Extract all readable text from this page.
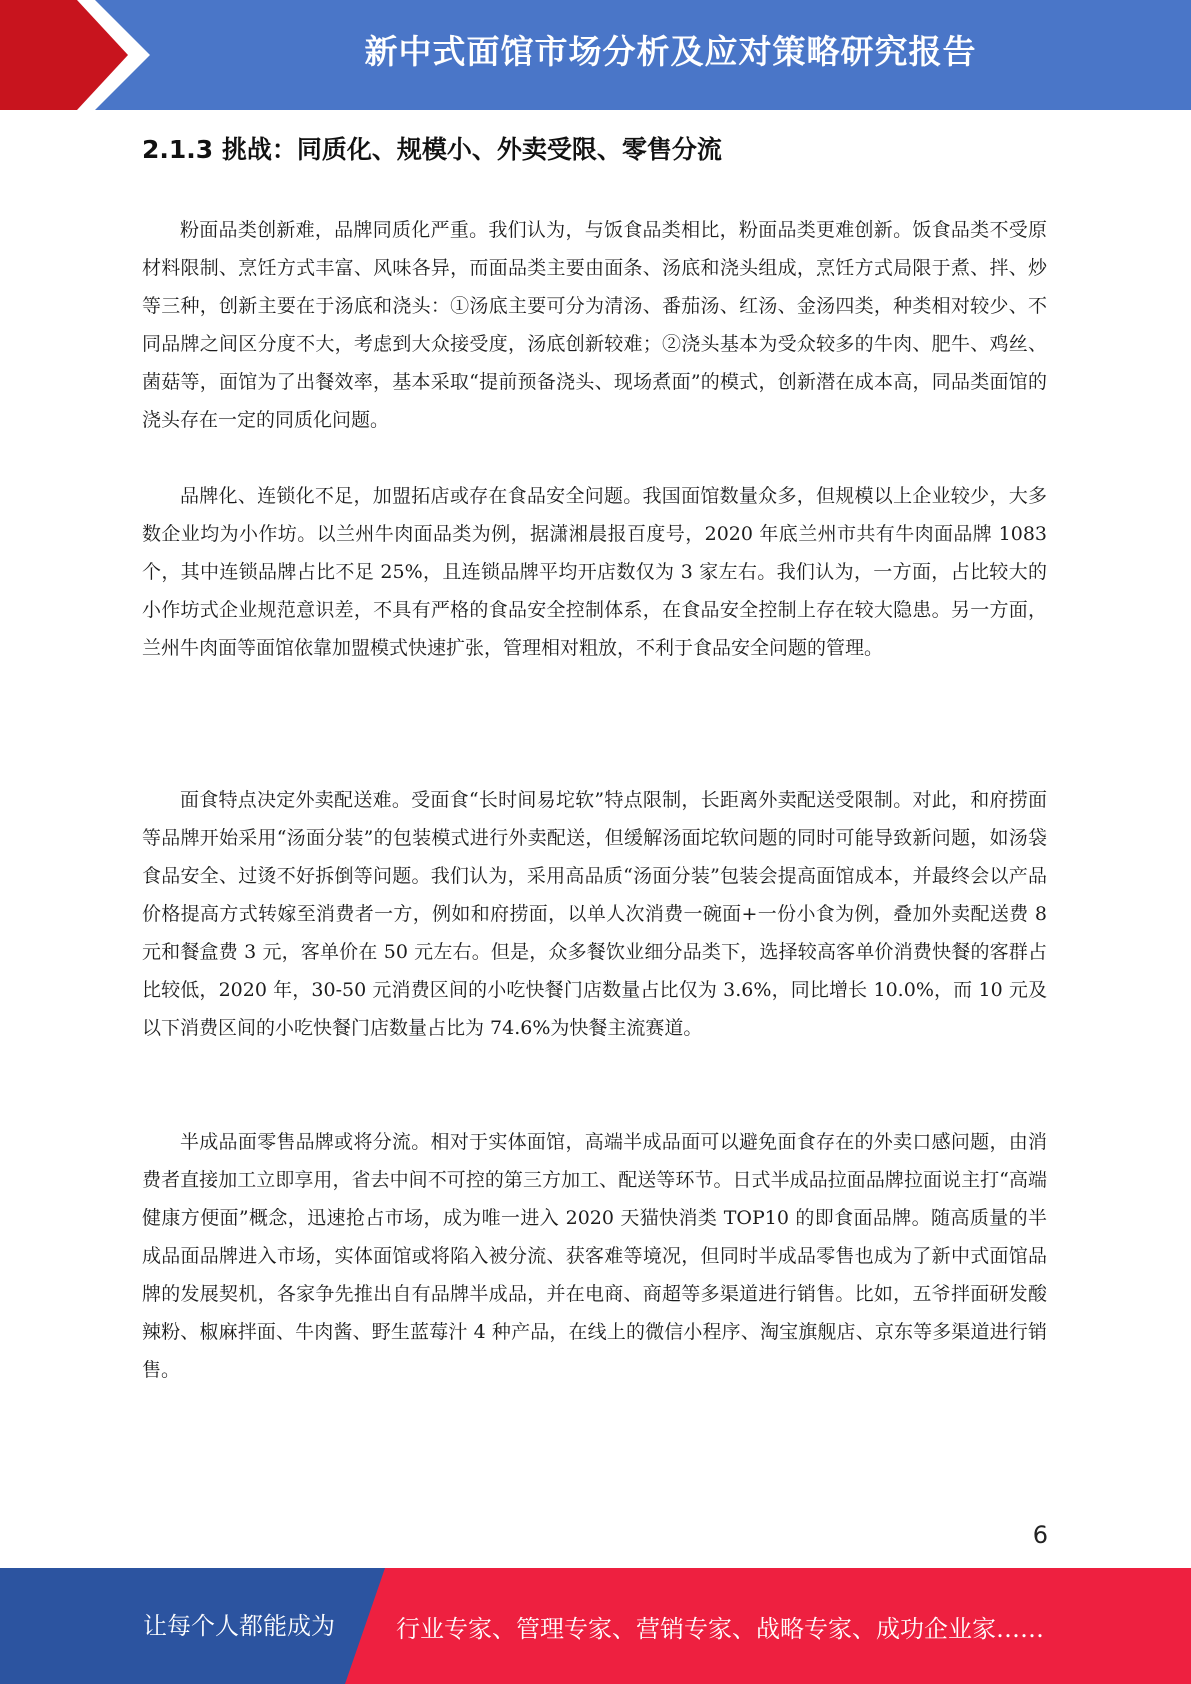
新中式面馆市场分析及应对策略研究报告
2.1.3 挑战：同质化、规模小、外卖受限、零售分流

粉面品类创新难，品牌同质化严重。我们认为，与饭食品类相比，粉面品类更难创新。饭食品类不受原材料限制、烹饪方式丰富、风味各异，而面品类主要由面条、汤底和浇头组成，烹饪方式局限于煮、拌、炒等三种，创新主要在于汤底和浇头：①汤底主要可分为清汤、番茄汤、红汤、金汤四类，种类相对较少、不同品牌之间区分度不大，考虑到大众接受度，汤底创新较难；②浇头基本为受众较多的牛肉、肥牛、鸡丝、菌菇等，面馆为了出餐效率，基本采取“提前预备浇头、现场煮面”的模式，创新潜在成本高，同品类面馆的浇头存在一定的同质化问题。

品牌化、连锁化不足，加盟拓店或存在食品安全问题。我国面馆数量众多，但规模以上企业较少，大多数企业均为小作坊。以兰州牛肉面品类为例，据潇湘晨报百度号，2020 年底兰州市共有牛肉面品牌 1083 个，其中连锁品牌占比不足 25%，且连锁品牌平均开店数仅为 3 家左右。我们认为，一方面，占比较大的小作坊式企业规范意识差，不具有严格的食品安全控制体系，在食品安全控制上存在较大隐患。另一方面，兰州牛肉面等面馆依靠加盟模式快速扩张，管理相对粗放，不利于食品安全问题的管理。

面食特点决定外卖配送难。受面食“长时间易坨软”特点限制，长距离外卖配送受限制。对此，和府捞面等品牌开始采用“汤面分装”的包装模式进行外卖配送，但缓解汤面坨软问题的同时可能导致新问题，如汤袋食品安全、过烫不好拆倒等问题。我们认为，采用高品质“汤面分装”包装会提高面馆成本，并最终会以产品价格提高方式转嫁至消费者一方，例如和府捞面，以单人次消费一碗面+一份小食为例，叠加外卖配送费 8 元和餐盒费 3 元，客单价在 50 元左右。但是，众多餐饮业细分品类下，选择较高客单价消费快餐的客群占比较低，2020 年，30-50 元消费区间的小吃快餐门店数量占比仅为 3.6%，同比增长 10.0%，而 10 元及以下消费区间的小吃快餐门店数量占比为 74.6%为快餐主流赛道。

半成品面零售品牌或将分流。相对于实体面馆，高端半成品面可以避免面食存在的外卖口感问题，由消费者直接加工立即享用，省去中间不可控的第三方加工、配送等环节。日式半成品拉面品牌拉面说主打“高端健康方便面”概念，迅速抢占市场，成为唯一进入 2020 天猫快消类 TOP10 的即食面品牌。随高质量的半成品面品牌进入市场，实体面馆或将陷入被分流、获客难等境况，但同时半成品零售也成为了新中式面馆品牌的发展契机，各家争先推出自有品牌半成品，并在电商、商超等多渠道进行销售。比如，五爷拌面研发酸辣粉、椒麻拌面、牛肉酱、野生蓝莓汁 4 种产品，在线上的微信小程序、淘宝旗舰店、京东等多渠道进行销售。

6
让每个人都能成为	行业专家、管理专家、营销专家、战略专家、成功企业家……
